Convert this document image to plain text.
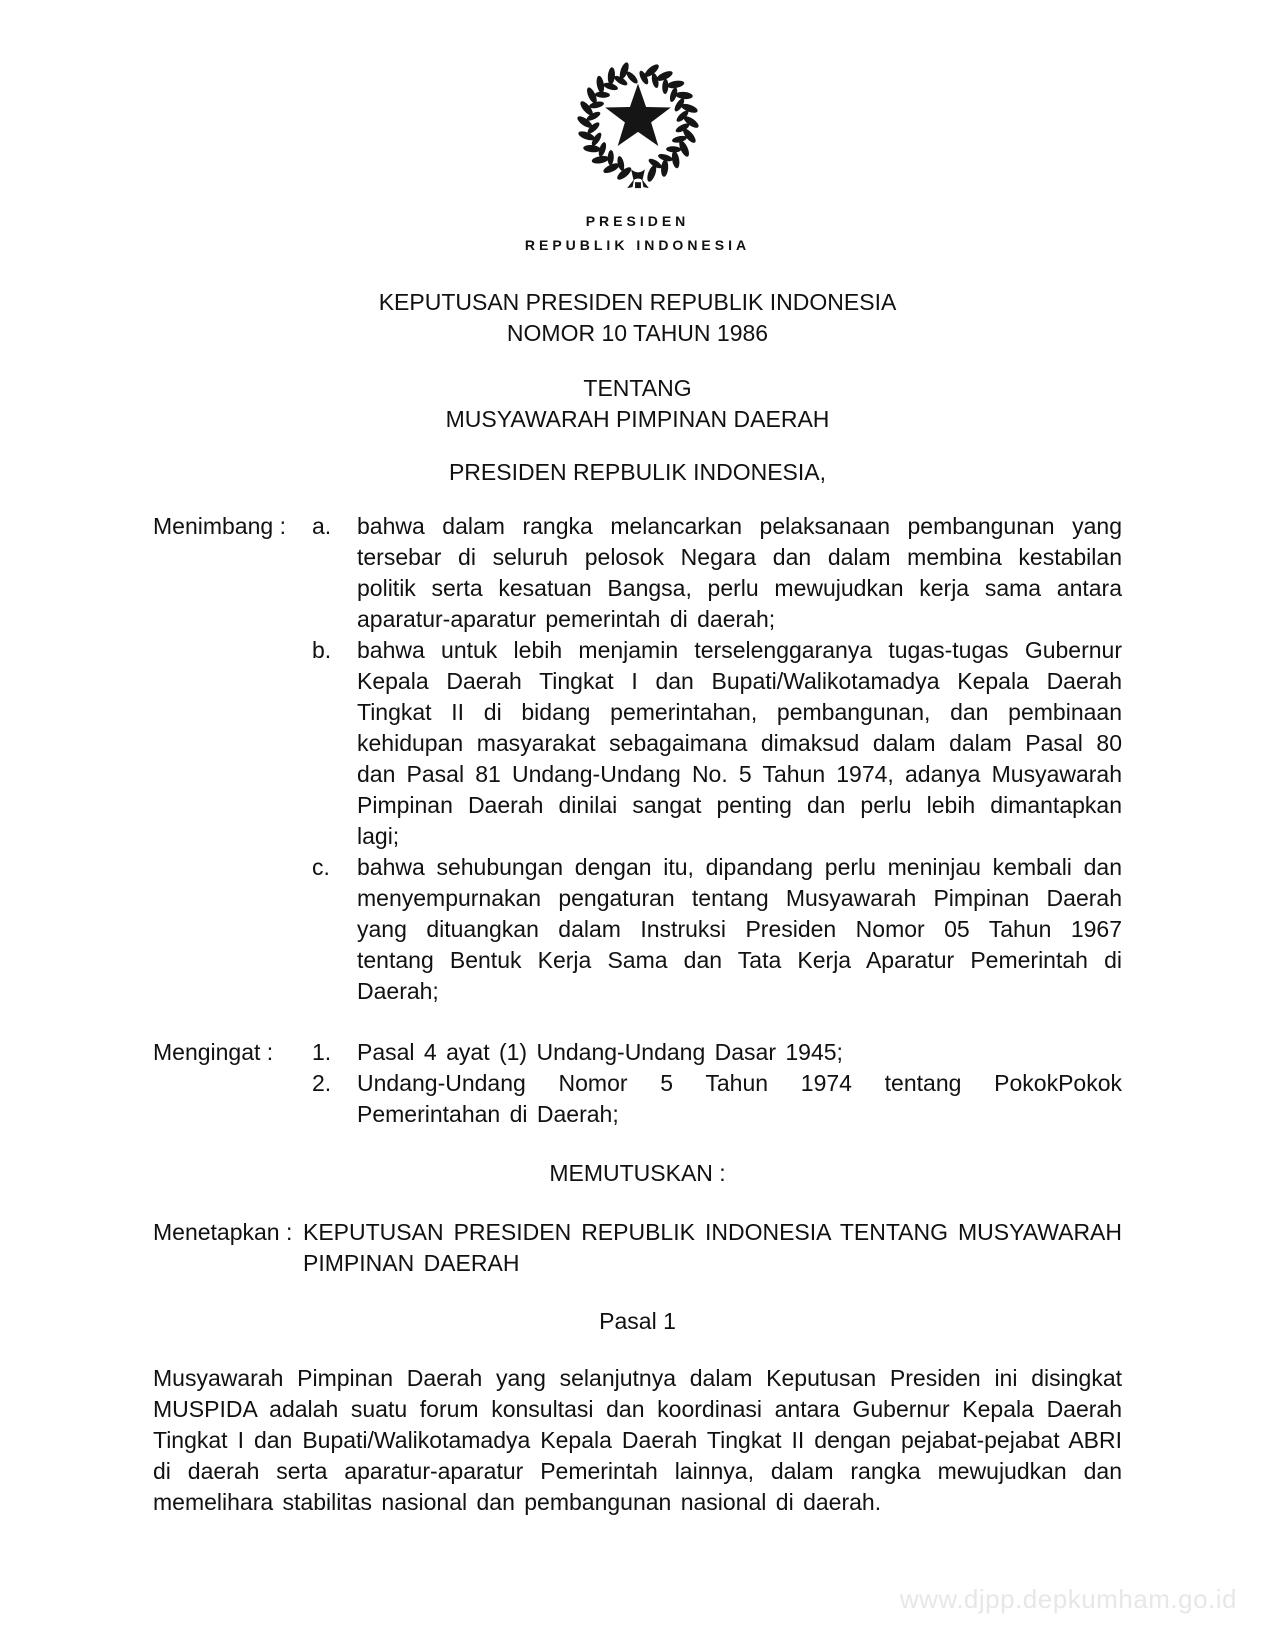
PRESIDEN
REPUBLIK INDONESIA
KEPUTUSAN PRESIDEN REPUBLIK INDONESIA
NOMOR 10 TAHUN 1986
TENTANG
MUSYAWARAH PIMPINAN DAERAH
PRESIDEN REPBULIK INDONESIA,
Menimbang :	a.	bahwa dalam rangka melancarkan pelaksanaan pembangunan yang tersebar di seluruh pelosok Negara dan dalam membina kestabilan politik serta kesatuan Bangsa, perlu mewujudkan kerja sama antara aparatur-aparatur pemerintah di daerah;
b.	bahwa untuk lebih menjamin terselenggaranya tugas-tugas Gubernur Kepala Daerah Tingkat I dan Bupati/Walikotamadya Kepala Daerah Tingkat II di bidang pemerintahan, pembangunan, dan pembinaan kehidupan masyarakat sebagaimana dimaksud dalam dalam Pasal 80 dan Pasal 81 Undang-Undang No. 5 Tahun 1974, adanya Musyawarah Pimpinan Daerah dinilai sangat penting dan perlu lebih dimantapkan lagi;
c.	bahwa sehubungan dengan itu, dipandang perlu meninjau kembali dan menyempurnakan pengaturan tentang Musyawarah Pimpinan Daerah yang dituangkan dalam Instruksi Presiden Nomor 05 Tahun 1967 tentang Bentuk Kerja Sama dan Tata Kerja Aparatur Pemerintah di Daerah;
Mengingat :	1.	Pasal 4 ayat (1) Undang-Undang Dasar 1945;
2.	Undang-Undang Nomor 5 Tahun 1974 tentang PokokPokok Pemerintahan di Daerah;
MEMUTUSKAN :
Menetapkan : KEPUTUSAN PRESIDEN REPUBLIK INDONESIA TENTANG MUSYAWARAH PIMPINAN DAERAH
Pasal 1

Musyawarah Pimpinan Daerah yang selanjutnya dalam Keputusan Presiden ini disingkat MUSPIDA adalah suatu forum konsultasi dan koordinasi antara Gubernur Kepala Daerah Tingkat I dan Bupati/Walikotamadya Kepala Daerah Tingkat II dengan pejabat-pejabat ABRI di daerah serta aparatur-aparatur Pemerintah lainnya, dalam rangka mewujudkan dan memelihara stabilitas nasional dan pembangunan nasional di daerah.

www.djpp.depkumham.go.id
